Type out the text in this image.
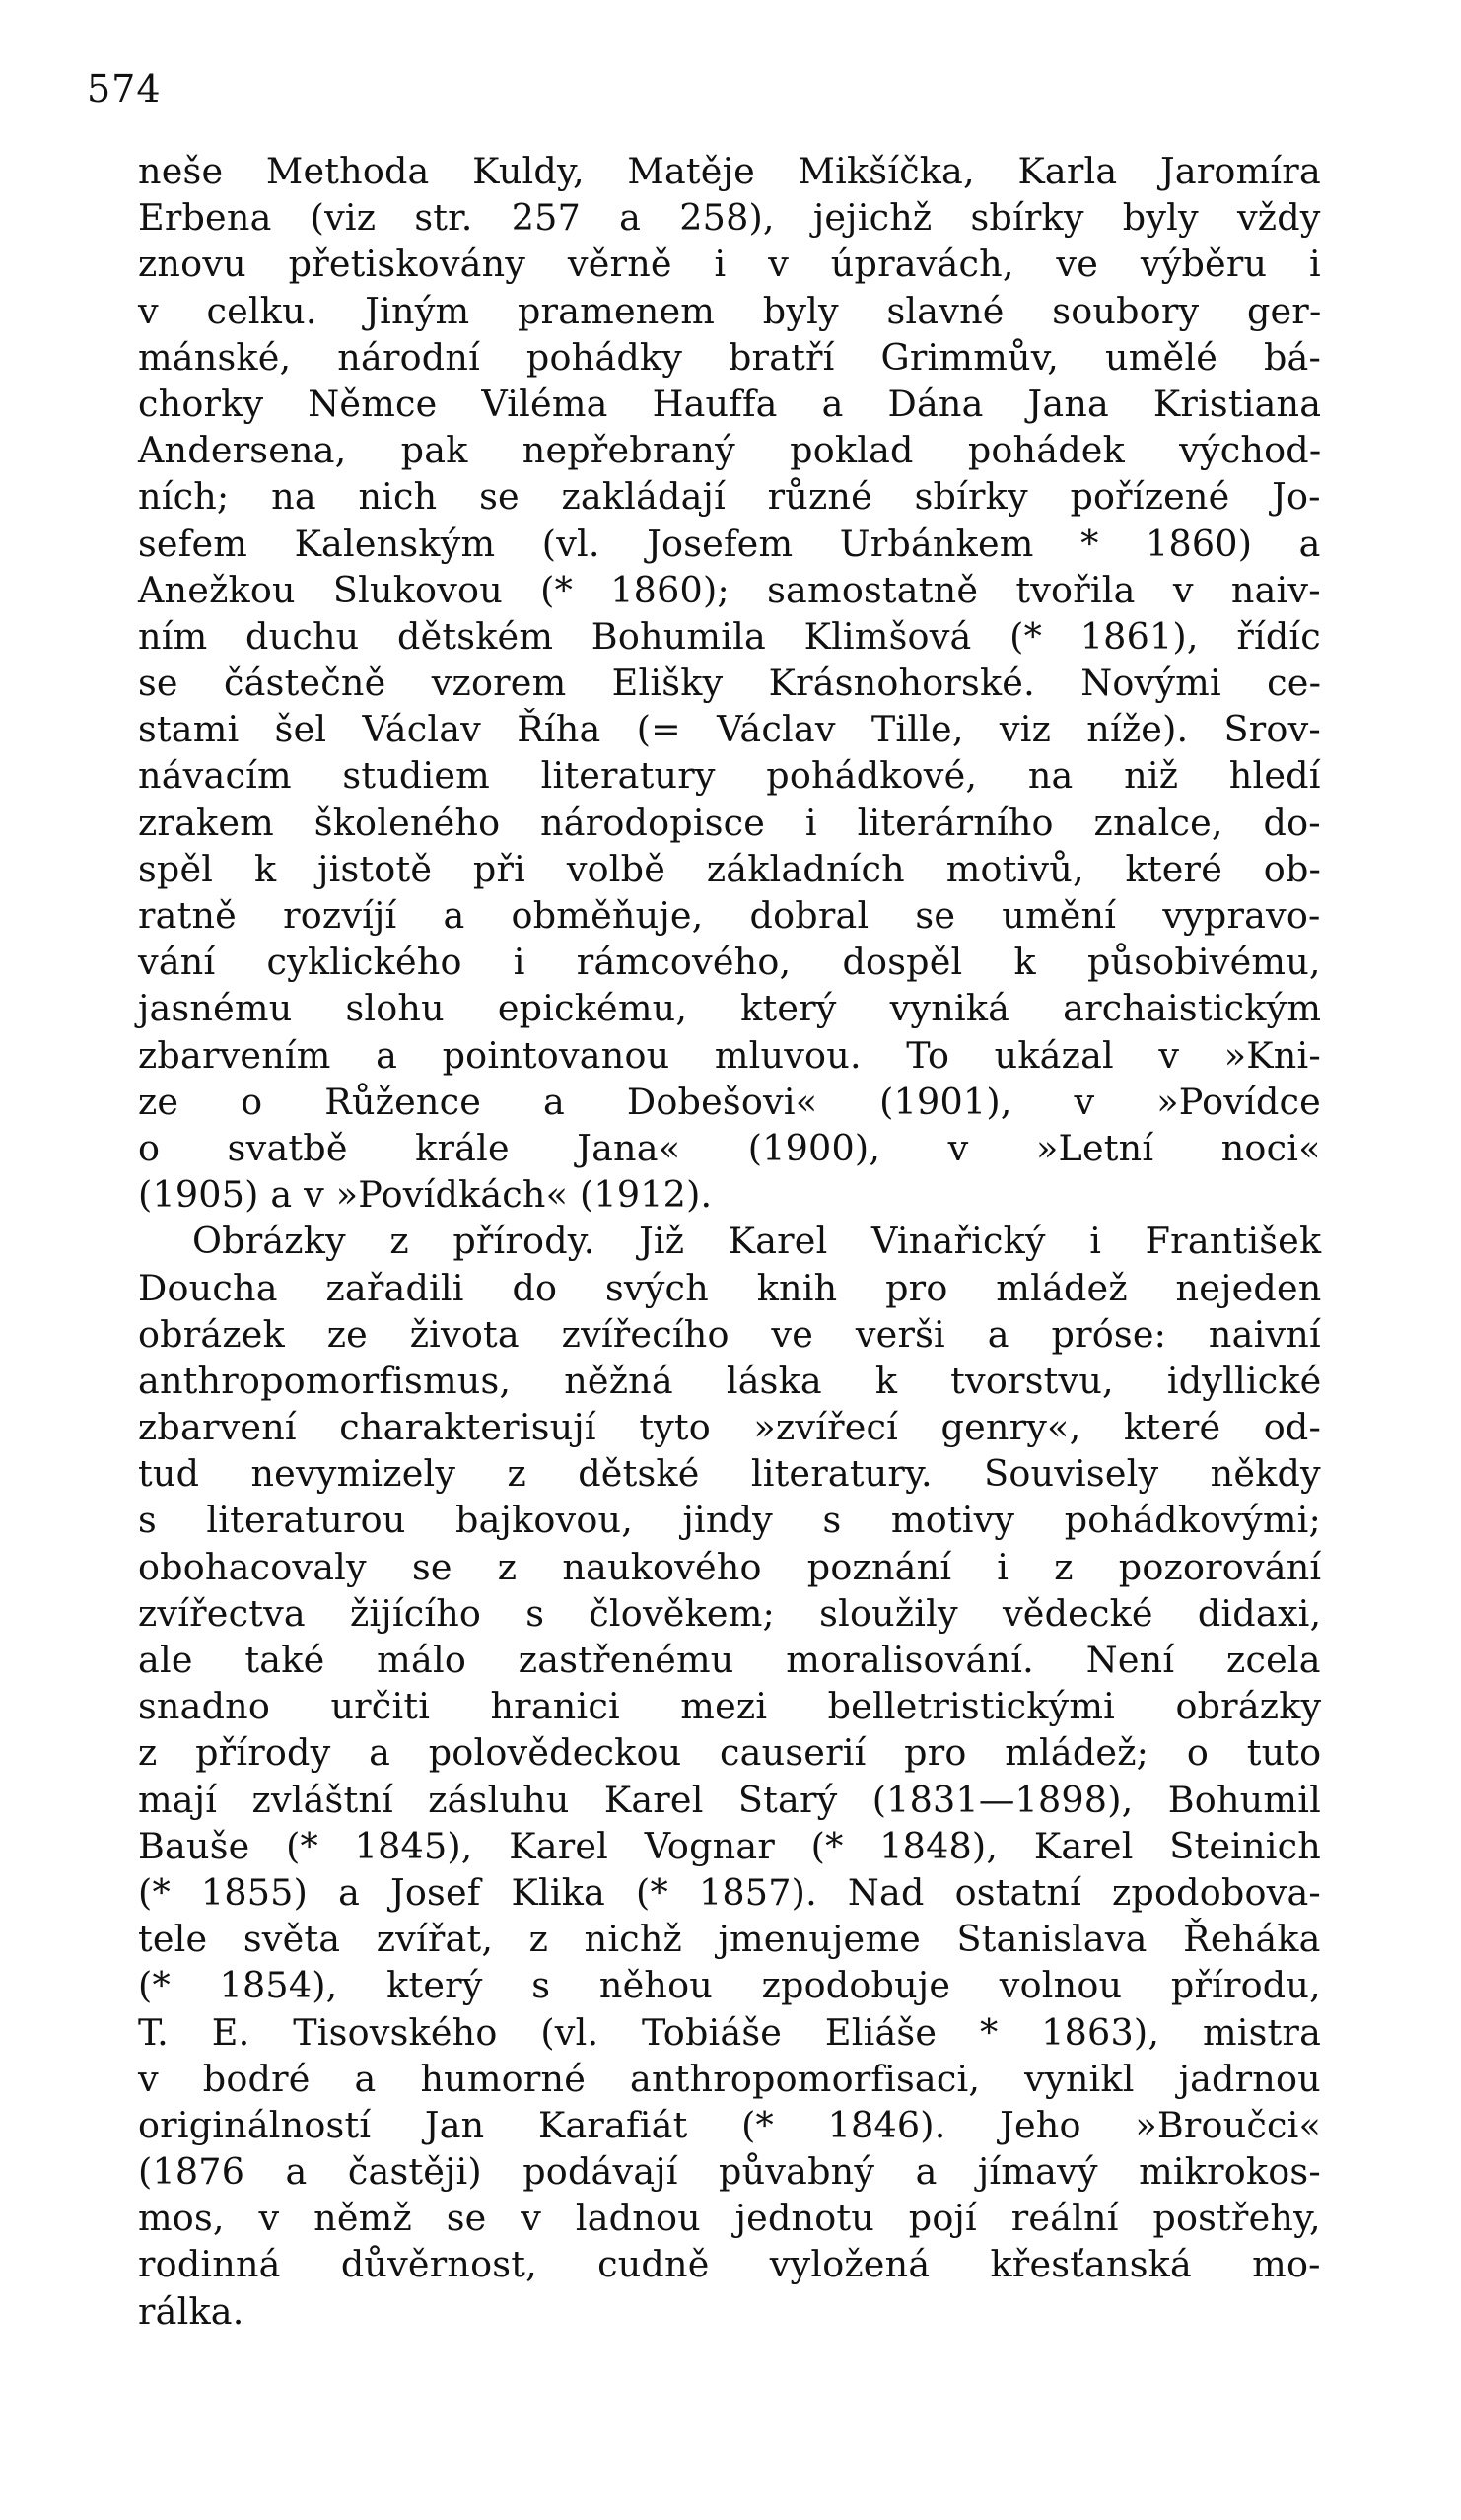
574
neše Methoda Kuldy, Matěje Mikšíčka, Karla Jaromíra
Erbena (viz str. 257 a 258), jejichž sbírky byly vždy
znovu přetiskovány věrně i v úpravách, ve výběru i
v celku. Jiným pramenem byly slavné soubory ger-
mánské, národní pohádky bratří Grimmův, umělé bá-
chorky Němce Viléma Hauffa a Dána Jana Kristiana
Andersena, pak nepřebraný poklad pohádek východ-
ních; na nich se zakládají různé sbírky pořízené Jo-
sefem Kalenským (vl. Josefem Urbánkem * 1860) a
Anežkou Slukovou (* 1860); samostatně tvořila v naiv-
ním duchu dětském Bohumila Klimšová (* 1861), řídíc
se částečně vzorem Elišky Krásnohorské. Novými ce-
stami šel Václav Říha (= Václav Tille, viz níže). Srov-
návacím studiem literatury pohádkové, na niž hledí
zrakem školeného národopisce i literárního znalce, do-
spěl k jistotě při volbě základních motivů, které ob-
ratně rozvíjí a obměňuje, dobral se umění vypravo-
vání cyklického i rámcového, dospěl k působivému,
jasnému slohu epickému, který vyniká archaistickým
zbarvením a pointovanou mluvou. To ukázal v »Kni-
ze o Růžence a Dobešovi« (1901), v »Povídce
o svatbě krále Jana« (1900), v »Letní noci«
(1905) a v »Povídkách« (1912).
Obrázky z přírody. Již Karel Vinařický i František
Doucha zařadili do svých knih pro mládež nejeden
obrázek ze života zvířecího ve verši a próse: naivní
anthropomorfismus, něžná láska k tvorstvu, idyllické
zbarvení charakterisují tyto »zvířecí genry«, které od-
tud nevymizely z dětské literatury. Souvisely někdy
s literaturou bajkovou, jindy s motivy pohádkovými;
obohacovaly se z naukového poznání i z pozorování
zvířectva žijícího s člověkem; sloužily vědecké didaxi,
ale také málo zastřenému moralisování. Není zcela
snadno určiti hranici mezi belletristickými obrázky
z přírody a polovědeckou causerií pro mládež; o tuto
mají zvláštní zásluhu Karel Starý (1831—1898), Bohumil
Bauše (* 1845), Karel Vognar (* 1848), Karel Steinich
(* 1855) a Josef Klika (* 1857). Nad ostatní zpodobova-
tele světa zvířat, z nichž jmenujeme Stanislava Řeháka
(* 1854), který s něhou zpodobuje volnou přírodu,
T. E. Tisovského (vl. Tobiáše Eliáše * 1863), mistra
v bodré a humorné anthropomorfisaci, vynikl jadrnou
originálností Jan Karafiát (* 1846). Jeho »Broučci«
(1876 a častěji) podávají půvabný a jímavý mikrokos-
mos, v němž se v ladnou jednotu pojí reální postřehy,
rodinná důvěrnost, cudně vyložená křesťanská mo-
rálka.
